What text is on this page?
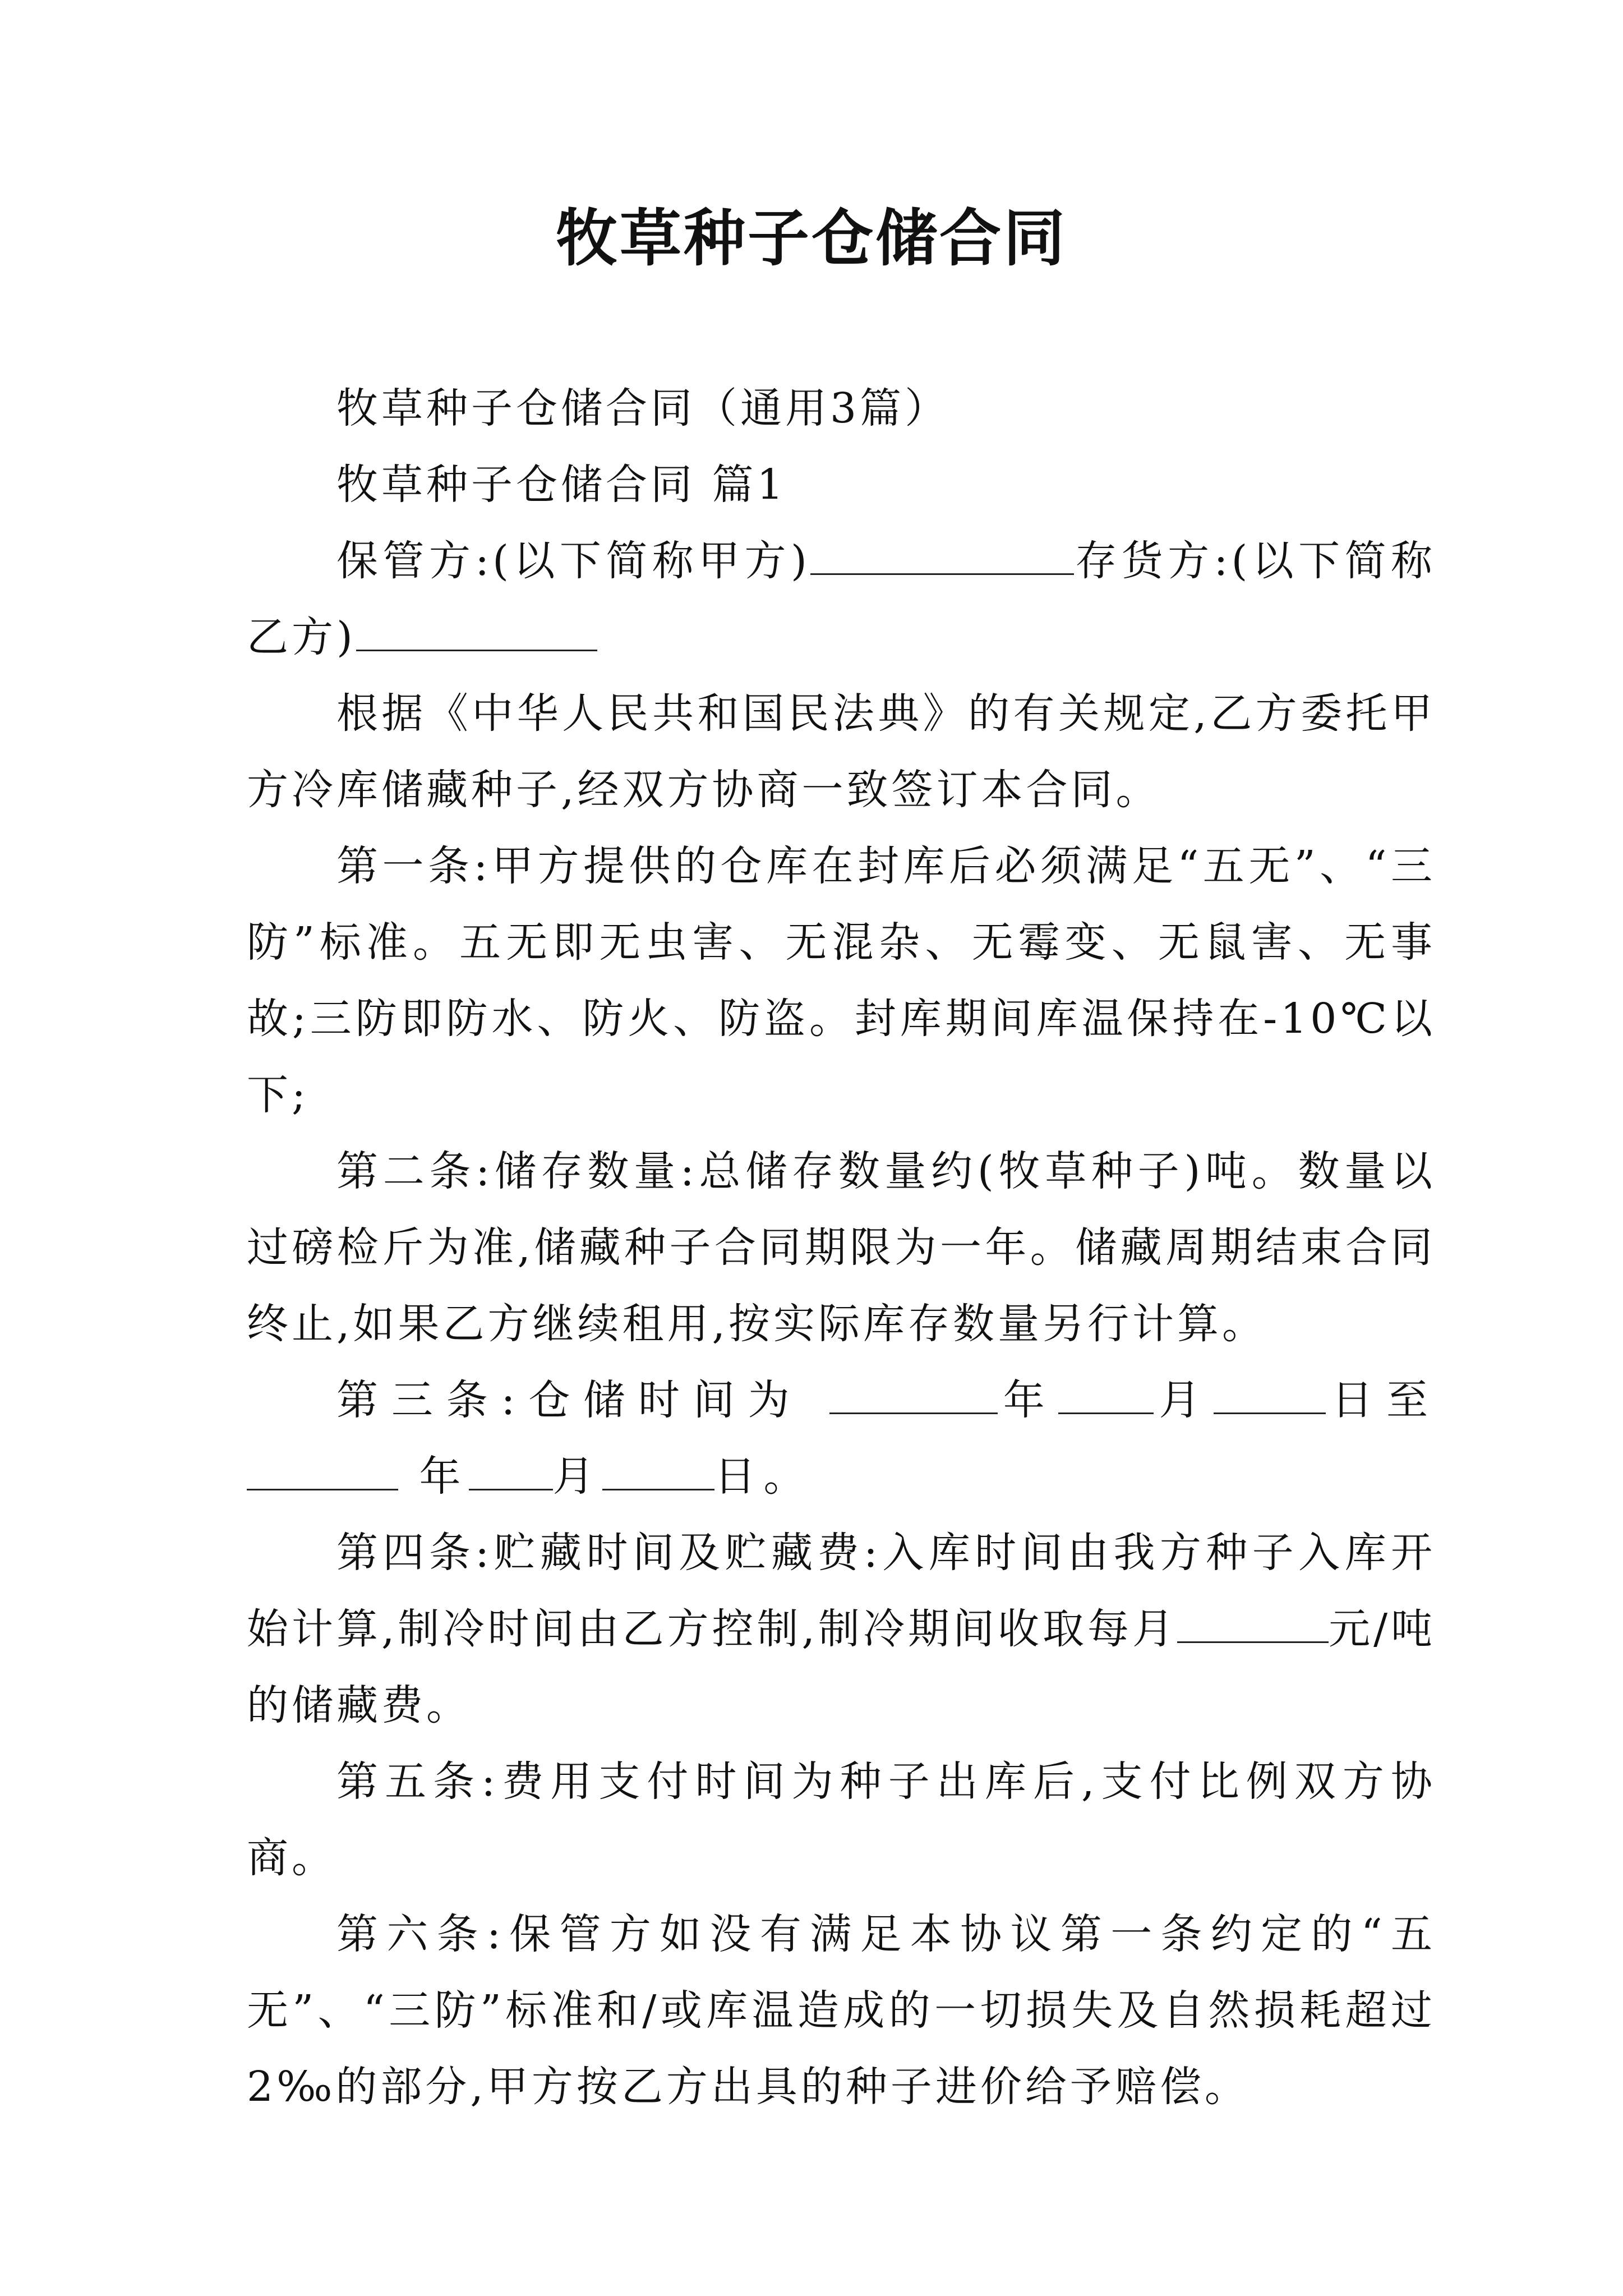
牧草种子仓储合同

牧草种子仓储合同（通用3篇）

牧草种子仓储合同 篇1

保管方:(以下简称甲方)	存货方:(以下简称乙方)

根据《中华人民共和国民法典》的有关规定,乙方委托甲方冷库储藏种子,经双方协商一致签订本合同。

第一条:甲方提供的仓库在封库后必须满足“五无”、“三防”标准。五无即无虫害、无混杂、无霉变、无鼠害、无事故;三防即防水、防火、防盗。封库期间库温保持在-10℃以下;

第二条:储存数量:总储存数量约(牧草种子)吨。数量以过磅检斤为准,储藏种子合同期限为一年。储藏周期结束合同终止,如果乙方继续租用,按实际库存数量另行计算。

第三条:仓储时间为	年 月	日至 年 月	日。

第四条:贮藏时间及贮藏费:入库时间由我方种子入库开始计算,制冷时间由乙方控制,制冷期间收取每月	元/吨的储藏费。

第五条:费用支付时间为种子出库后,支付比例双方协商。

第六条:保管方如没有满足本协议第一条约定的“五无”、“三防”标准和/或库温造成的一切损失及自然损耗超过2‰的部分,甲方按乙方出具的种子进价给予赔偿。
